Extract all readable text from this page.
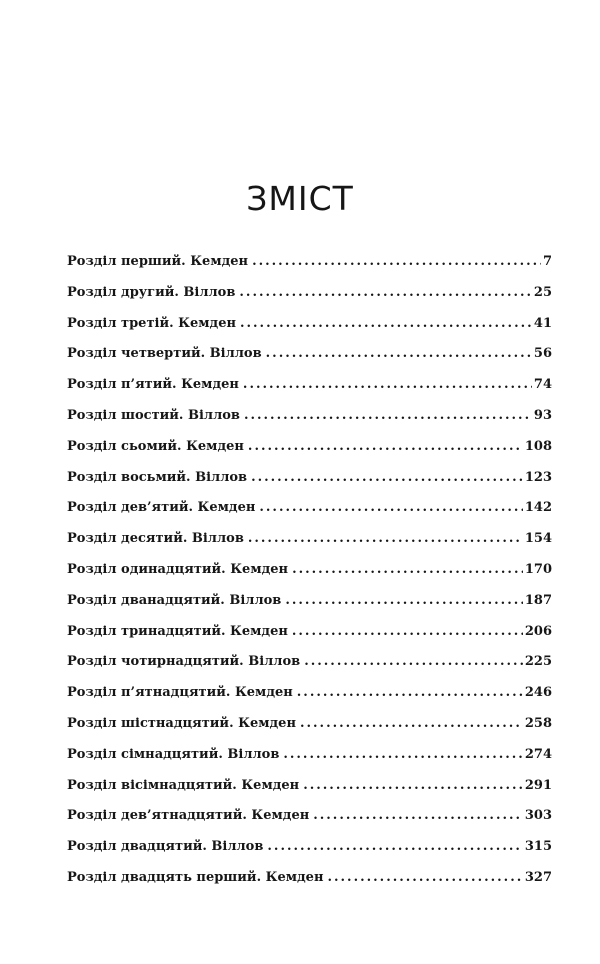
ЗМІСТ
Розділ перший. Кемден .....	7
Розділ другий. Віллов .....	25
Розділ третій. Кемден .....	41
Розділ четвертий. Віллов .....	56
Розділ п’ятий. Кемден .....	74
Розділ шостий. Віллов .....	93
Розділ сьомий. Кемден .....	108
Розділ восьмий. Віллов .....	123
Розділ дев’ятий. Кемден .....	142
Розділ десятий. Віллов .....	154
Розділ одинадцятий. Кемден .....	170
Розділ дванадцятий. Віллов .....	187
Розділ тринадцятий. Кемден .....	206
Розділ чотирнадцятий. Віллов .....	225
Розділ п’ятнадцятий. Кемден .....	246
Розділ шістнадцятий. Кемден .....	258
Розділ сімнадцятий. Віллов .....	274
Розділ вісімнадцятий. Кемден .....	291
Розділ дев’ятнадцятий. Кемден .....	303
Розділ двадцятий. Віллов .....	315
Розділ двадцять перший. Кемден .....	327
